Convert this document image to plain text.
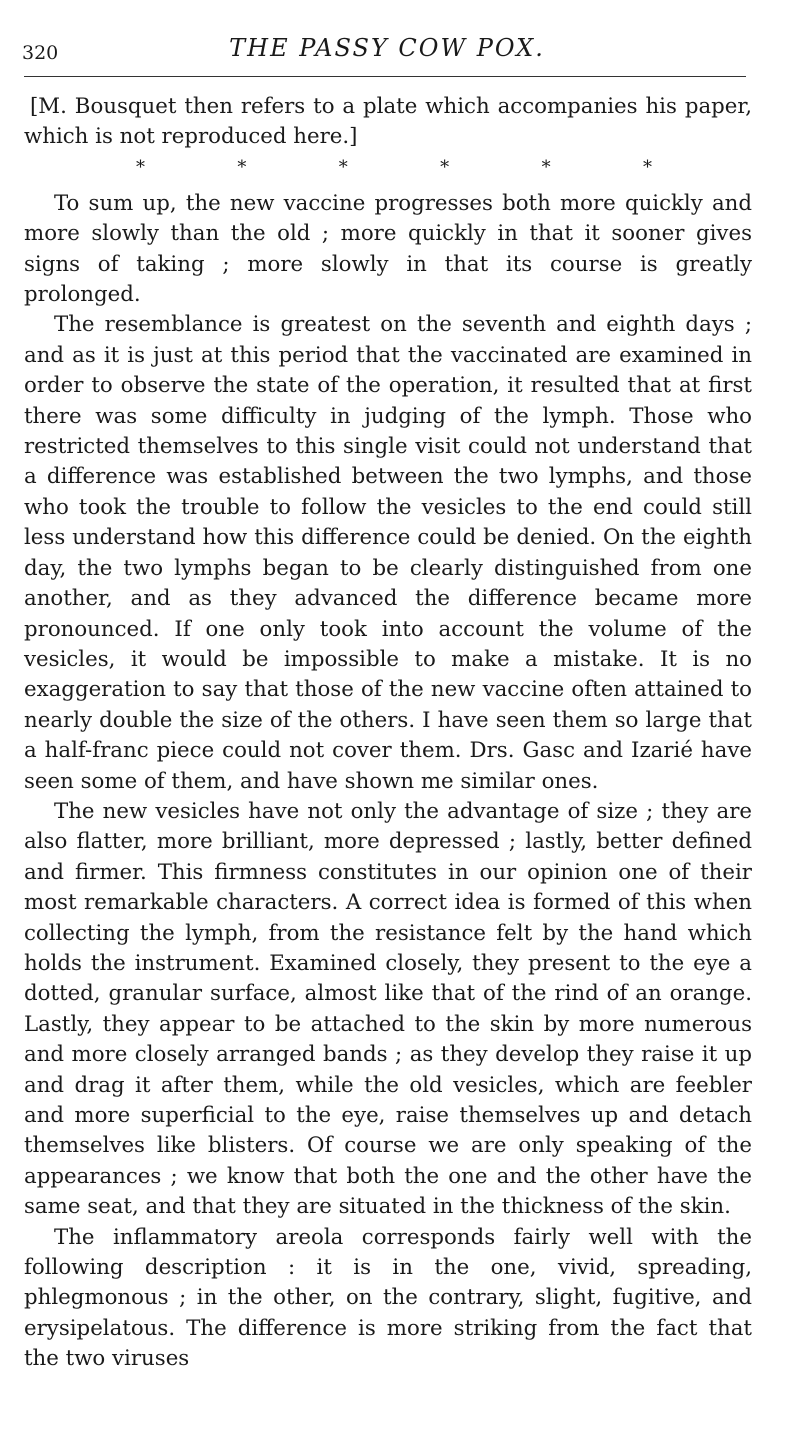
320	THE PASSY COW POX.

[M. Bousquet then refers to a plate which accompanies his paper, which is not reproduced here.]

*	*	*	*	*	*

To sum up, the new vaccine progresses both more quickly and more slowly than the old ; more quickly in that it sooner gives signs of taking ; more slowly in that its course is greatly prolonged.

The resemblance is greatest on the seventh and eighth days ; and as it is just at this period that the vaccinated are examined in order to observe the state of the operation, it resulted that at first there was some difficulty in judging of the lymph. Those who restricted themselves to this single visit could not understand that a difference was established between the two lymphs, and those who took the trouble to follow the vesicles to the end could still less understand how this difference could be denied. On the eighth day, the two lymphs began to be clearly distinguished from one another, and as they advanced the difference became more pronounced. If one only took into account the volume of the vesicles, it would be impossible to make a mistake. It is no exaggeration to say that those of the new vaccine often attained to nearly double the size of the others. I have seen them so large that a half-franc piece could not cover them. Drs. Gasc and Izarié have seen some of them, and have shown me similar ones.

The new vesicles have not only the advantage of size ; they are also flatter, more brilliant, more depressed ; lastly, better defined and firmer. This firmness constitutes in our opinion one of their most remarkable characters. A correct idea is formed of this when collecting the lymph, from the resistance felt by the hand which holds the instrument. Examined closely, they present to the eye a dotted, granular surface, almost like that of the rind of an orange. Lastly, they appear to be attached to the skin by more numerous and more closely arranged bands ; as they develop they raise it up and drag it after them, while the old vesicles, which are feebler and more superficial to the eye, raise themselves up and detach themselves like blisters. Of course we are only speaking of the appearances ; we know that both the one and the other have the same seat, and that they are situated in the thickness of the skin.

The inflammatory areola corresponds fairly well with the following description : it is in the one, vivid, spreading, phlegmonous ; in the other, on the contrary, slight, fugitive, and erysipelatous. The difference is more striking from the fact that the two viruses
